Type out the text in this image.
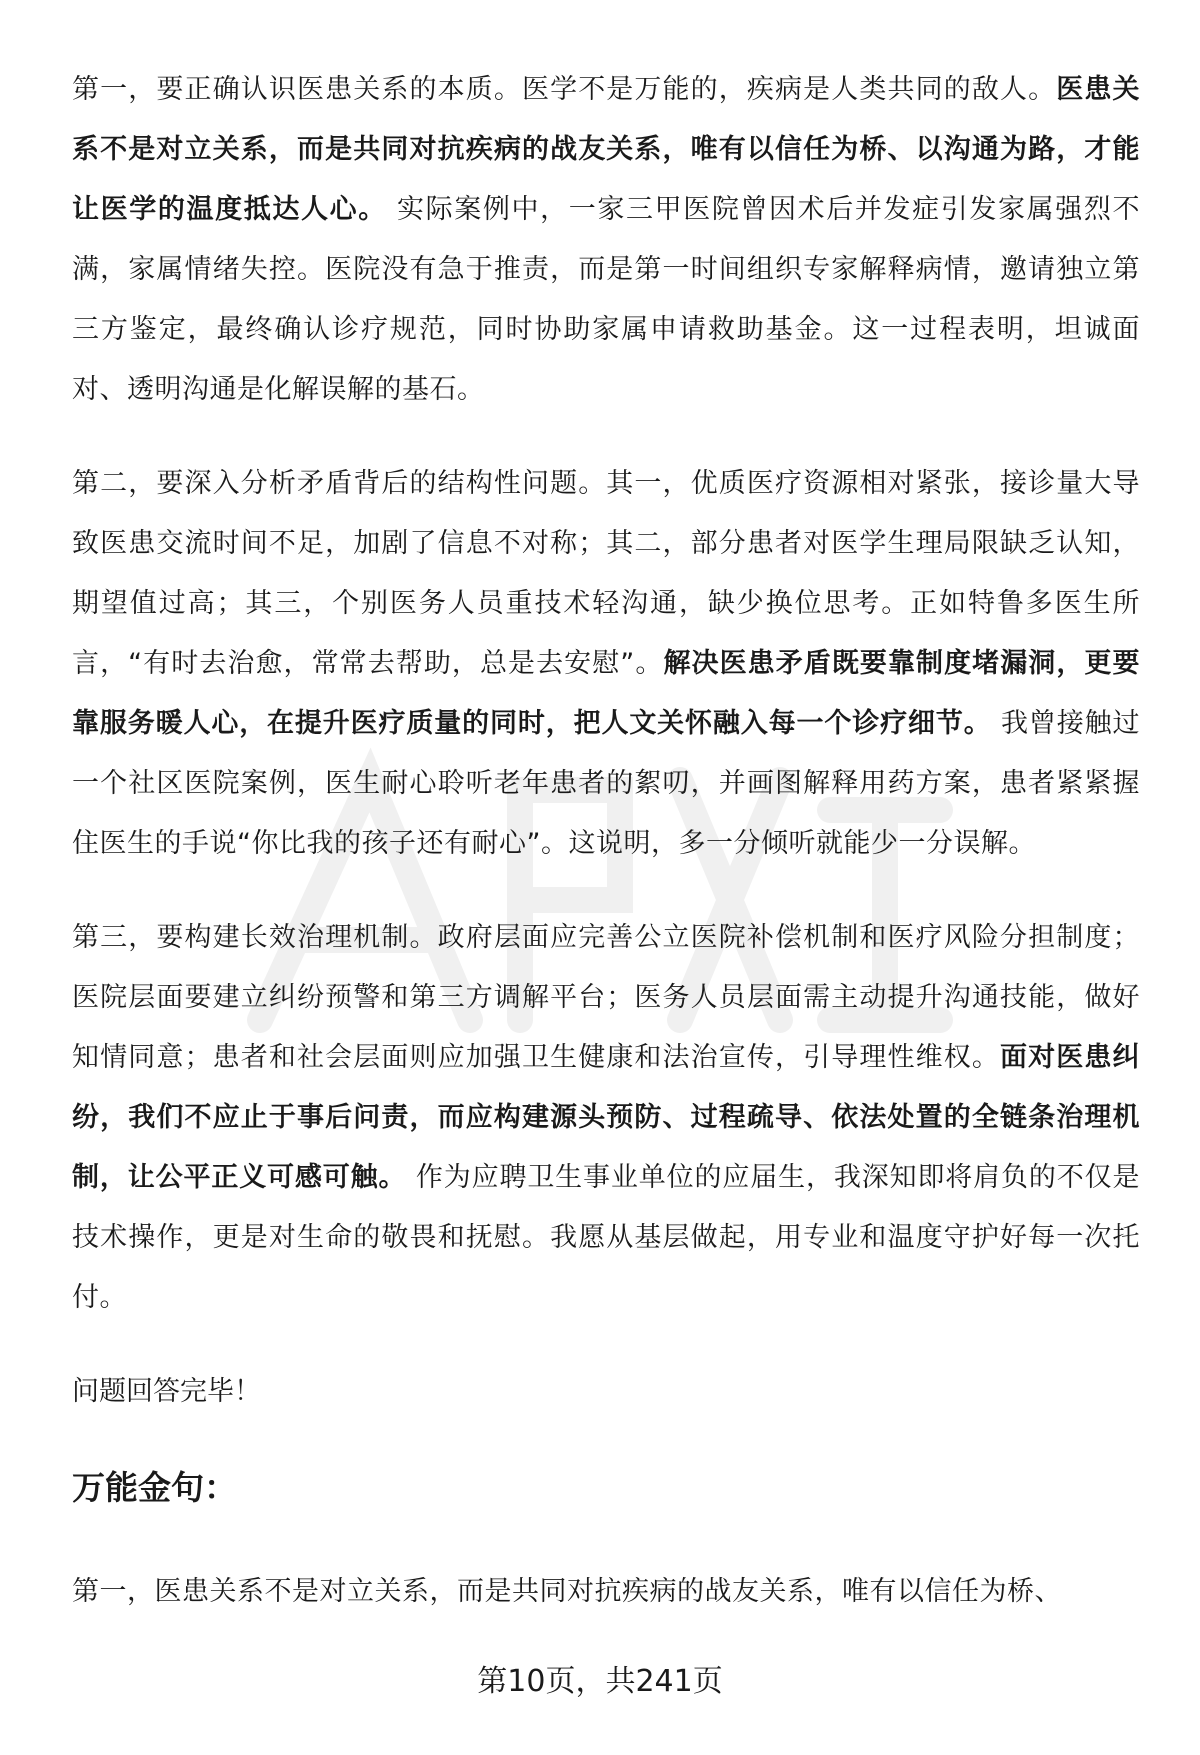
第一，要正确认识医患关系的本质。医学不是万能的，疾病是人类共同的敌人。医患关系不是对立关系，而是共同对抗疾病的战友关系，唯有以信任为桥、以沟通为路，才能让医学的温度抵达人心。 实际案例中，一家三甲医院曾因术后并发症引发家属强烈不满，家属情绪失控。医院没有急于推责，而是第一时间组织专家解释病情，邀请独立第三方鉴定，最终确认诊疗规范，同时协助家属申请救助基金。这一过程表明，坦诚面对、透明沟通是化解误解的基石。

第二，要深入分析矛盾背后的结构性问题。其一，优质医疗资源相对紧张，接诊量大导致医患交流时间不足，加剧了信息不对称；其二，部分患者对医学生理局限缺乏认知，期望值过高；其三，个别医务人员重技术轻沟通，缺少换位思考。正如特鲁多医生所言，“有时去治愈，常常去帮助，总是去安慰”。解决医患矛盾既要靠制度堵漏洞，更要靠服务暖人心，在提升医疗质量的同时，把人文关怀融入每一个诊疗细节。 我曾接触过一个社区医院案例，医生耐心聆听老年患者的絮叨，并画图解释用药方案，患者紧紧握住医生的手说“你比我的孩子还有耐心”。这说明，多一分倾听就能少一分误解。

第三，要构建长效治理机制。政府层面应完善公立医院补偿机制和医疗风险分担制度；医院层面要建立纠纷预警和第三方调解平台；医务人员层面需主动提升沟通技能，做好知情同意；患者和社会层面则应加强卫生健康和法治宣传，引导理性维权。面对医患纠纷，我们不应止于事后问责，而应构建源头预防、过程疏导、依法处置的全链条治理机制，让公平正义可感可触。 作为应聘卫生事业单位的应届生，我深知即将肩负的不仅是技术操作，更是对生命的敬畏和抚慰。我愿从基层做起，用专业和温度守护好每一次托付。

问题回答完毕！

万能金句：

第一，医患关系不是对立关系，而是共同对抗疾病的战友关系，唯有以信任为桥、

第10页，共241页
